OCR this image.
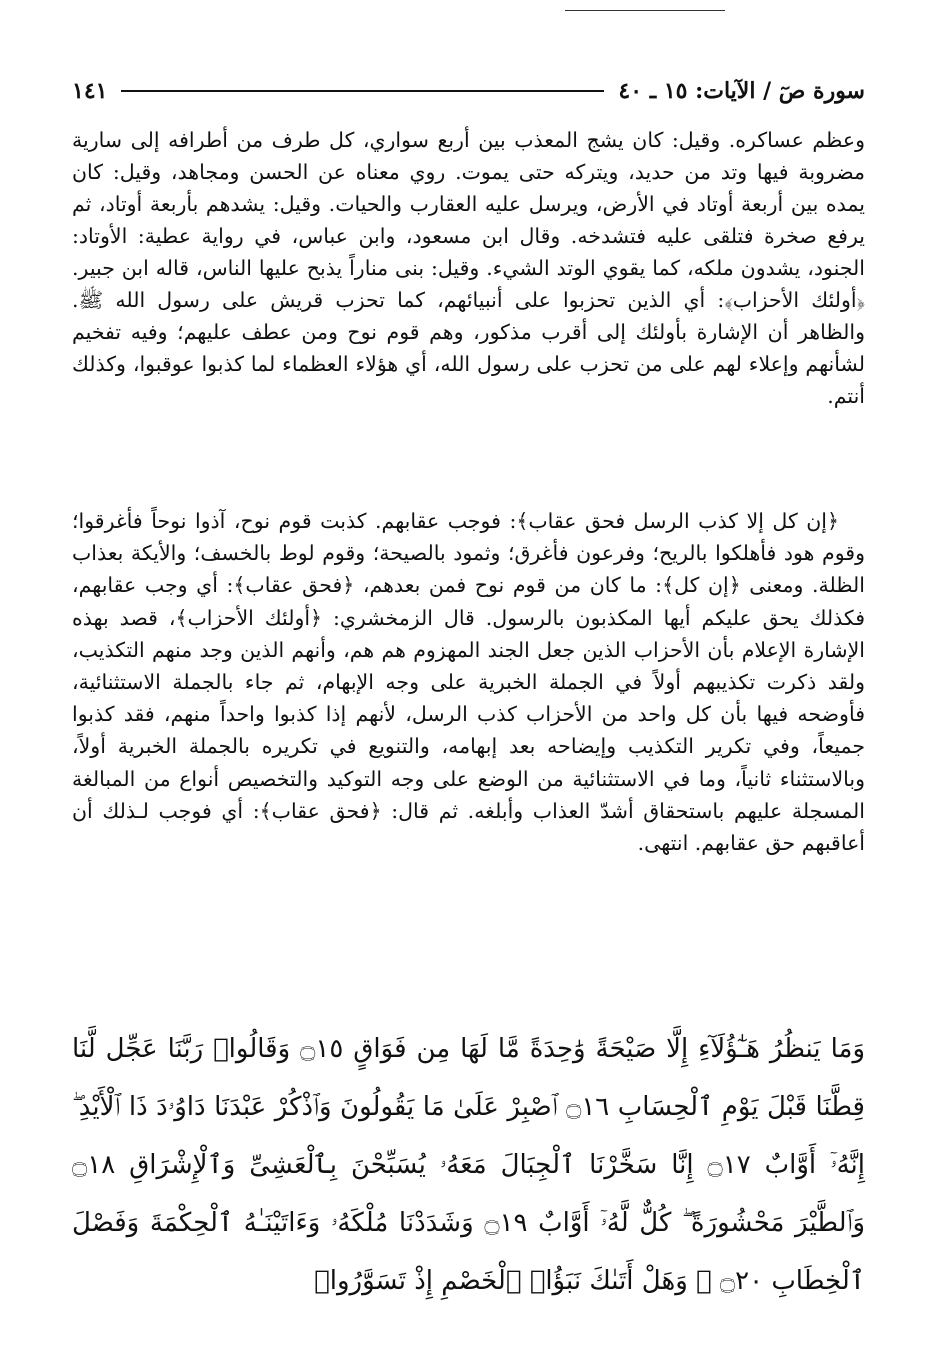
سورة صٓ / الآيات: ١٥ ـ ٤٠
١٤١

وعظم عساكره. وقيل: كان يشج المعذب بين أربع سواري، كل طرف من أطرافه إلى سارية مضروبة فيها وتد من حديد، ويتركه حتى يموت. روي معناه عن الحسن ومجاهد، وقيل: كان يمده بين أربعة أوتاد في الأرض، ويرسل عليه العقارب والحيات. وقيل: يشدهم بأربعة أوتاد، ثم يرفع صخرة فتلقى عليه فتشدخه. وقال ابن مسعود، وابن عباس، في رواية عطية: الأوتاد: الجنود، يشدون ملكه، كما يقوي الوتد الشيء. وقيل: بنى مناراً يذبح عليها الناس، قاله ابن جبير. ﴿أولئك الأحزاب﴾: أي الذين تحزبوا على أنبيائهم، كما تحزب قريش على رسول الله ﷺ. والظاهر أن الإشارة بأولئك إلى أقرب مذكور، وهم قوم نوح ومن عطف عليهم؛ وفيه تفخيم لشأنهم وإعلاء لهم على من تحزب على رسول الله، أي هؤلاء العظماء لما كذبوا عوقبوا، وكذلك أنتم.

﴿إن كل إلا كذب الرسل فحق عقاب﴾: فوجب عقابهم. كذبت قوم نوح، آذوا نوحاً فأغرقوا؛ وقوم هود فأهلكوا بالريح؛ وفرعون فأغرق؛ وثمود بالصيحة؛ وقوم لوط بالخسف؛ والأيكة بعذاب الظلة. ومعنى ﴿إن كل﴾: ما كان من قوم نوح فمن بعدهم، ﴿فحق عقاب﴾: أي وجب عقابهم، فكذلك يحق عليكم أيها المكذبون بالرسول. قال الزمخشري: ﴿أولئك الأحزاب﴾، قصد بهذه الإشارة الإعلام بأن الأحزاب الذين جعل الجند المهزوم هم هم، وأنهم الذين وجد منهم التكذيب، ولقد ذكرت تكذيبهم أولاً في الجملة الخبرية على وجه الإبهام، ثم جاء بالجملة الاستثنائية، فأوضحه فيها بأن كل واحد من الأحزاب كذب الرسل، لأنهم إذا كذبوا واحداً منهم، فقد كذبوا جميعاً، وفي تكرير التكذيب وإيضاحه بعد إبهامه، والتنويع في تكريره بالجملة الخبرية أولاً، وبالاستثناء ثانياً، وما في الاستثنائية من الوضع على وجه التوكيد والتخصيص أنواع من المبالغة المسجلة عليهم باستحقاق أشدّ العذاب وأبلغه. ثم قال: ﴿فحق عقاب﴾: أي فوجب لـذلك أن أعاقبهم حق عقابهم. انتهى.

وَمَا يَنظُرُ هَـٰٓؤُلَآءِ إِلَّا صَيْحَةً وَٰحِدَةً مَّا لَهَا مِن فَوَاقٍ ۝١٥ وَقَالُوا۟ رَبَّنَا عَجِّل لَّنَا قِطَّنَا قَبْلَ يَوْمِ ٱلْحِسَابِ ۝١٦ ٱصْبِرْ عَلَىٰ مَا يَقُولُونَ وَٱذْكُرْ عَبْدَنَا دَاوُۥدَ ذَا ٱلْأَيْدِ ۖ إِنَّهُۥٓ أَوَّابٌ ۝١٧ إِنَّا سَخَّرْنَا ٱلْجِبَالَ مَعَهُۥ يُسَبِّحْنَ بِٱلْعَشِىِّ وَٱلْإِشْرَاقِ ۝١٨ وَٱلطَّيْرَ مَحْشُورَةً ۖ كُلٌّ لَّهُۥٓ أَوَّابٌ ۝١٩ وَشَدَدْنَا مُلْكَهُۥ وَءَاتَيْنَـٰهُ ٱلْحِكْمَةَ وَفَصْلَ ٱلْخِطَابِ ۝٢٠ ۞ وَهَلْ أَتَىٰكَ نَبَؤُا۟ ٱلْخَصْمِ إِذْ تَسَوَّرُوا۟
